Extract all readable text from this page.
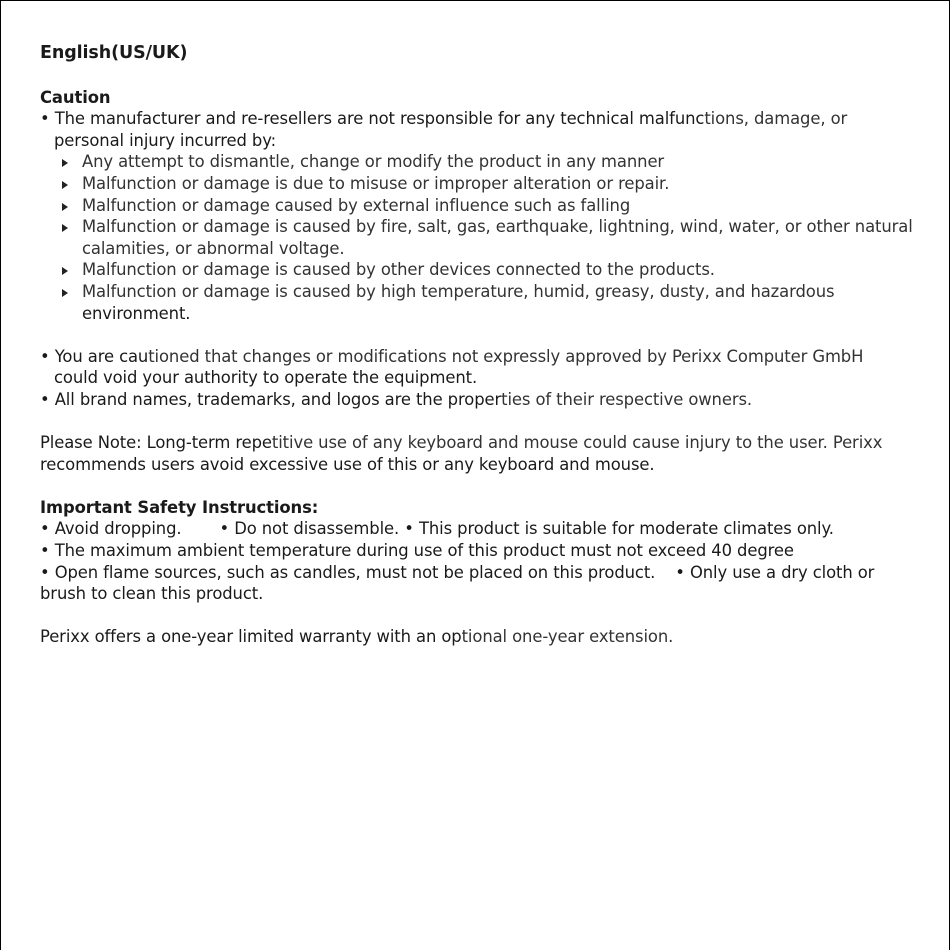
English(US/UK)
Caution
• The manufacturer and re-resellers are not responsible for any technical malfunctions, damage, or
personal injury incurred by:
Any attempt to dismantle, change or modify the product in any manner
Malfunction or damage is due to misuse or improper alteration or repair.
Malfunction or damage caused by external influence such as falling
Malfunction or damage is caused by fire, salt, gas, earthquake, lightning, wind, water, or other natural calamities, or abnormal voltage.
Malfunction or damage is caused by other devices connected to the products.
Malfunction or damage is caused by high temperature, humid, greasy, dusty, and hazardous
environment.
• You are cautioned that changes or modifications not expressly approved by Perixx Computer GmbH
could void your authority to operate the equipment.
• All brand names, trademarks, and logos are the properties of their respective owners.
Please Note: Long-term repetitive use of any keyboard and mouse could cause injury to the user. Perixx
recommends users avoid excessive use of this or any keyboard and mouse.
Important Safety Instructions:
• Avoid dropping. • Do not disassemble. • This product is suitable for moderate climates only.
• The maximum ambient temperature during use of this product must not exceed 40 degree
• Open flame sources, such as candles, must not be placed on this product. • Only use a dry cloth or
brush to clean this product.
Perixx offers a one-year limited warranty with an optional one-year extension.
